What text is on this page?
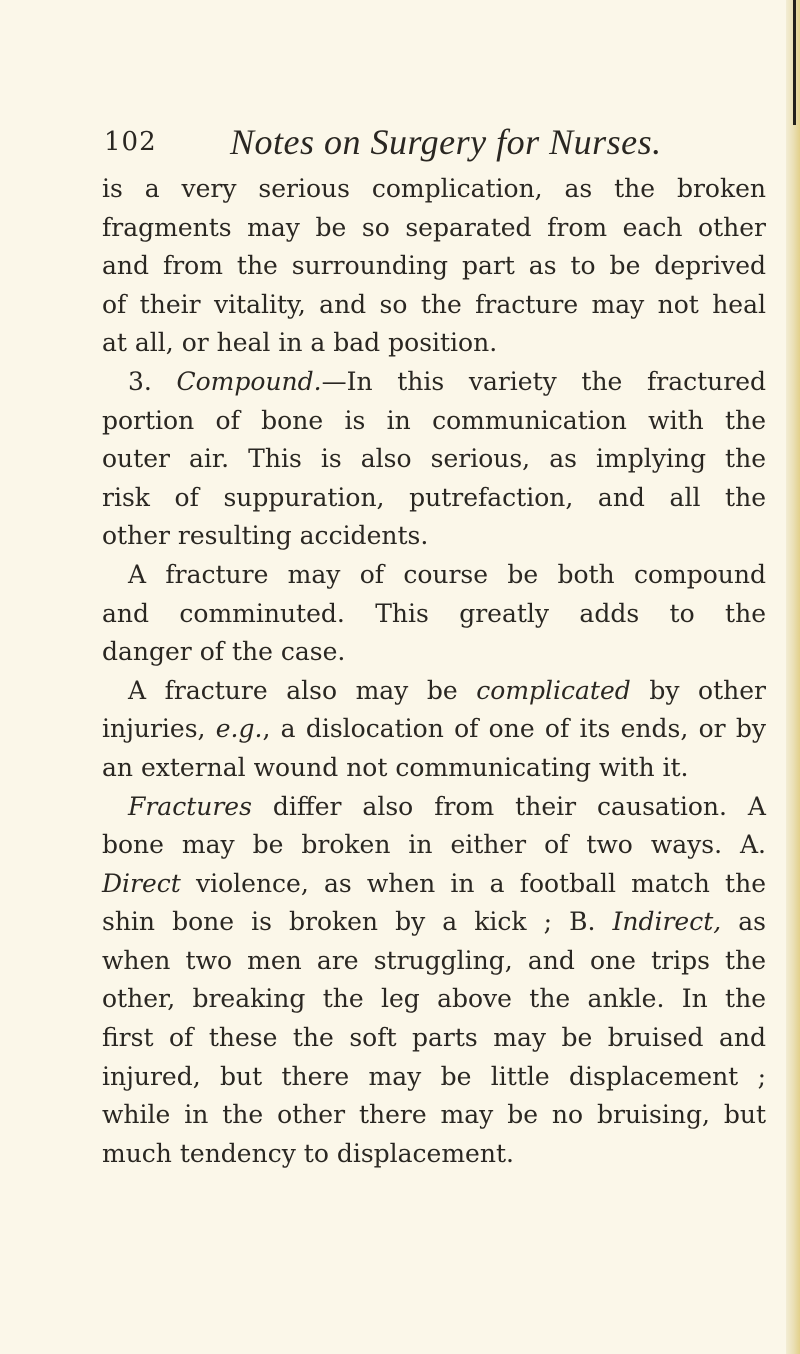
102 Notes on Surgery for Nurses.
is a very serious complication, as the broken
fragments may be so separated from each other
and from the surrounding part as to be deprived
of their vitality, and so the fracture may not heal
at all, or heal in a bad position.
3. Compound.—In this variety the fractured
portion of bone is in communication with the
outer air. This is also serious, as implying the
risk of suppuration, putrefaction, and all the
other resulting accidents.
A fracture may of course be both compound
and comminuted. This greatly adds to the
danger of the case.
A fracture also may be complicated by other
injuries, e.g., a dislocation of one of its ends, or by
an external wound not communicating with it.
Fractures differ also from their causation. A
bone may be broken in either of two ways. A.
Direct violence, as when in a football match the
shin bone is broken by a kick ; B. Indirect, as
when two men are struggling, and one trips the
other, breaking the leg above the ankle. In the
first of these the soft parts may be bruised and
injured, but there may be little displacement ;
while in the other there may be no bruising, but
much tendency to displacement.
